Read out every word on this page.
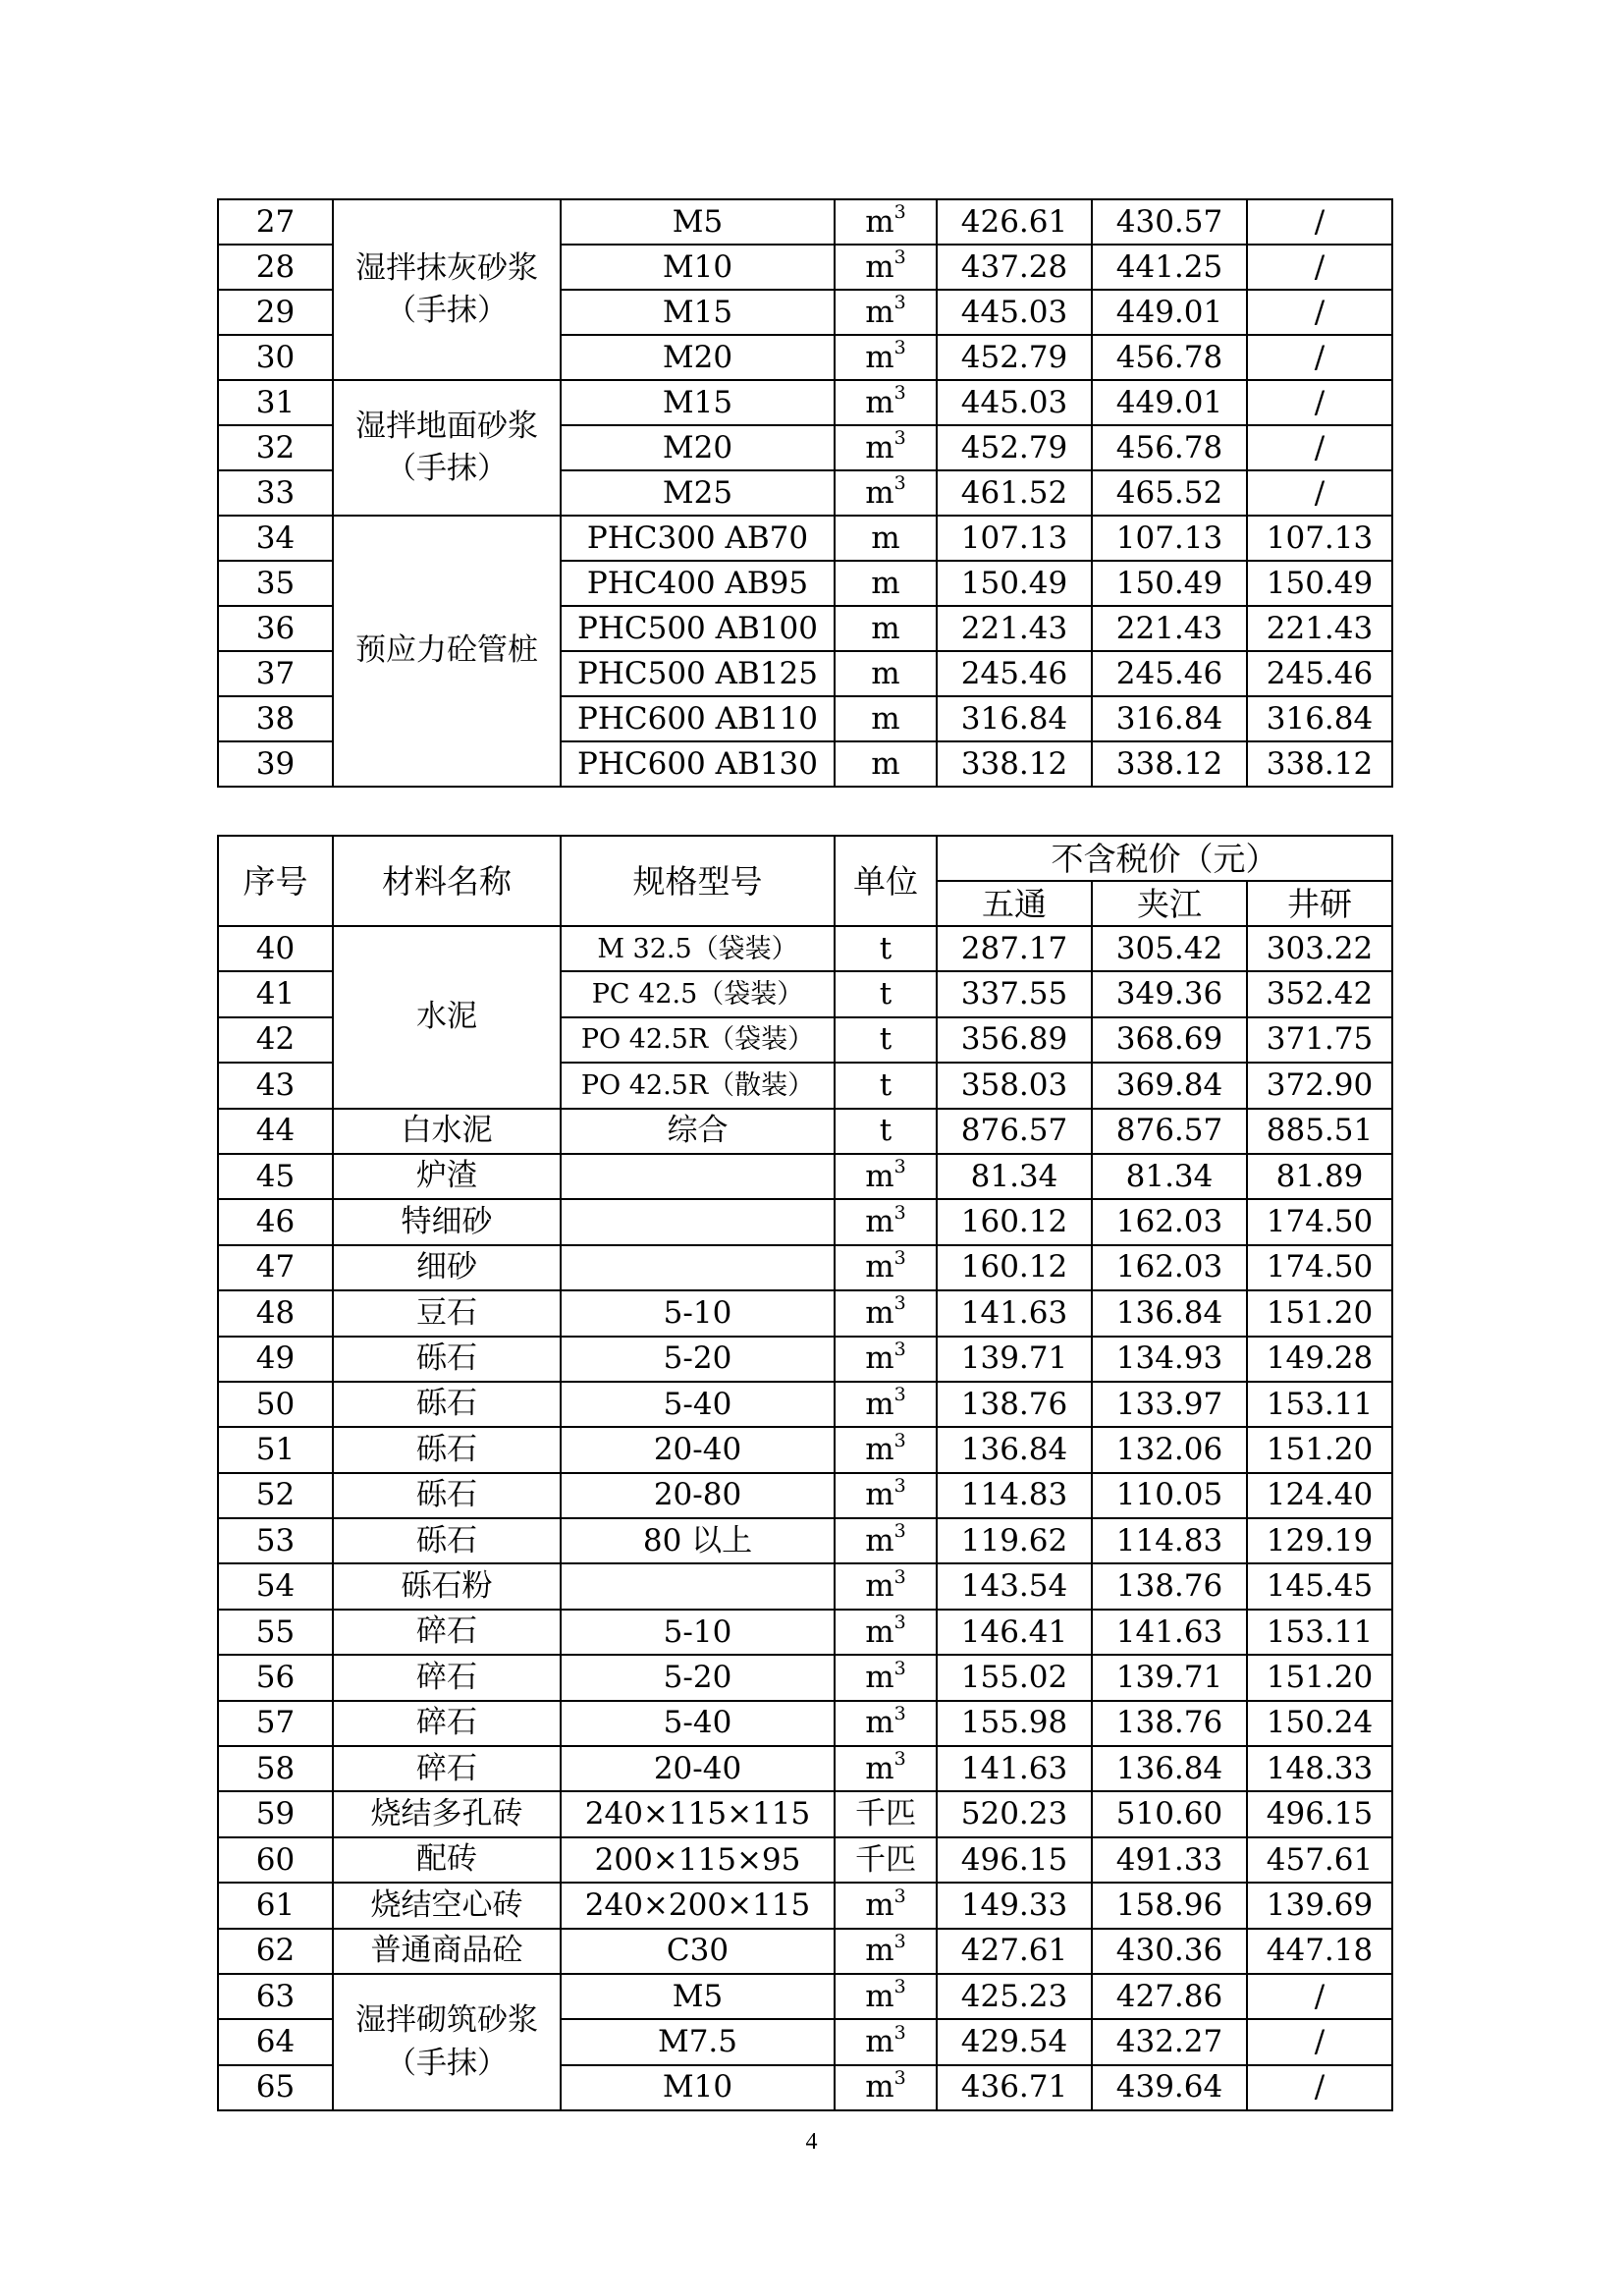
27	湿拌抹灰砂浆（手抹）	M5	$m^3$	426.61	430.57	/
28		M10	$m^3$	437.28	441.25	/
29		M15	$m^3$	445.03	449.01	/
30		M20	$m^3$	452.79	456.78	/
31	湿拌地面砂浆（手抹）	M15	$m^3$	445.03	449.01	/
32		M20	$m^3$	452.79	456.78	/
33		M25	$m^3$	461.52	465.52	/
34	预应力砼管桩	PHC300 AB70	m	107.13	107.13	107.13
35		PHC400 AB95	m	150.49	150.49	150.49
36		PHC500 AB100	m	221.43	221.43	221.43
37		PHC500 AB125	m	245.46	245.46	245.46
38		PHC600 AB110	m	316.84	316.84	316.84
39		PHC600 AB130	m	338.12	338.12	338.12
序号	材料名称	规格型号	单位	不含税价（元）		
				五通	夹江	井研
40	水泥	M 32.5（袋装）	t	287.17	305.42	303.22
41		PC 42.5（袋装）	t	337.55	349.36	352.42
42		PO 42.5R（袋装）	t	356.89	368.69	371.75
43		PO 42.5R（散装）	t	358.03	369.84	372.90
44	白水泥	综合	t	876.57	876.57	885.51
45	炉渣		$m^3$	81.34	81.34	81.89
46	特细砂		$m^3$	160.12	162.03	174.50
47	细砂		$m^3$	160.12	162.03	174.50
48	豆石	5-10	$m^3$	141.63	136.84	151.20
49	砾石	5-20	$m^3$	139.71	134.93	149.28
50	砾石	5-40	$m^3$	138.76	133.97	153.11
51	砾石	20-40	$m^3$	136.84	132.06	151.20
52	砾石	20-80	$m^3$	114.83	110.05	124.40
53	砾石	80 以上	$m^3$	119.62	114.83	129.19
54	砾石粉		$m^3$	143.54	138.76	145.45
55	碎石	5-10	$m^3$	146.41	141.63	153.11
56	碎石	5-20	$m^3$	155.02	139.71	151.20
57	碎石	5-40	$m^3$	155.98	138.76	150.24
58	碎石	20-40	$m^3$	141.63	136.84	148.33
59	烧结多孔砖	240×115×115	千匹	520.23	510.60	496.15
60	配砖	200×115×95	千匹	496.15	491.33	457.61
61	烧结空心砖	240×200×115	$m^3$	149.33	158.96	139.69
62	普通商品砼	C30	$m^3$	427.61	430.36	447.18
63	湿拌砌筑砂浆（手抹）	M5	$m^3$	425.23	427.86	/
64		M7.5	$m^3$	429.54	432.27	/
65		M10	$m^3$	436.71	439.64	/
4
